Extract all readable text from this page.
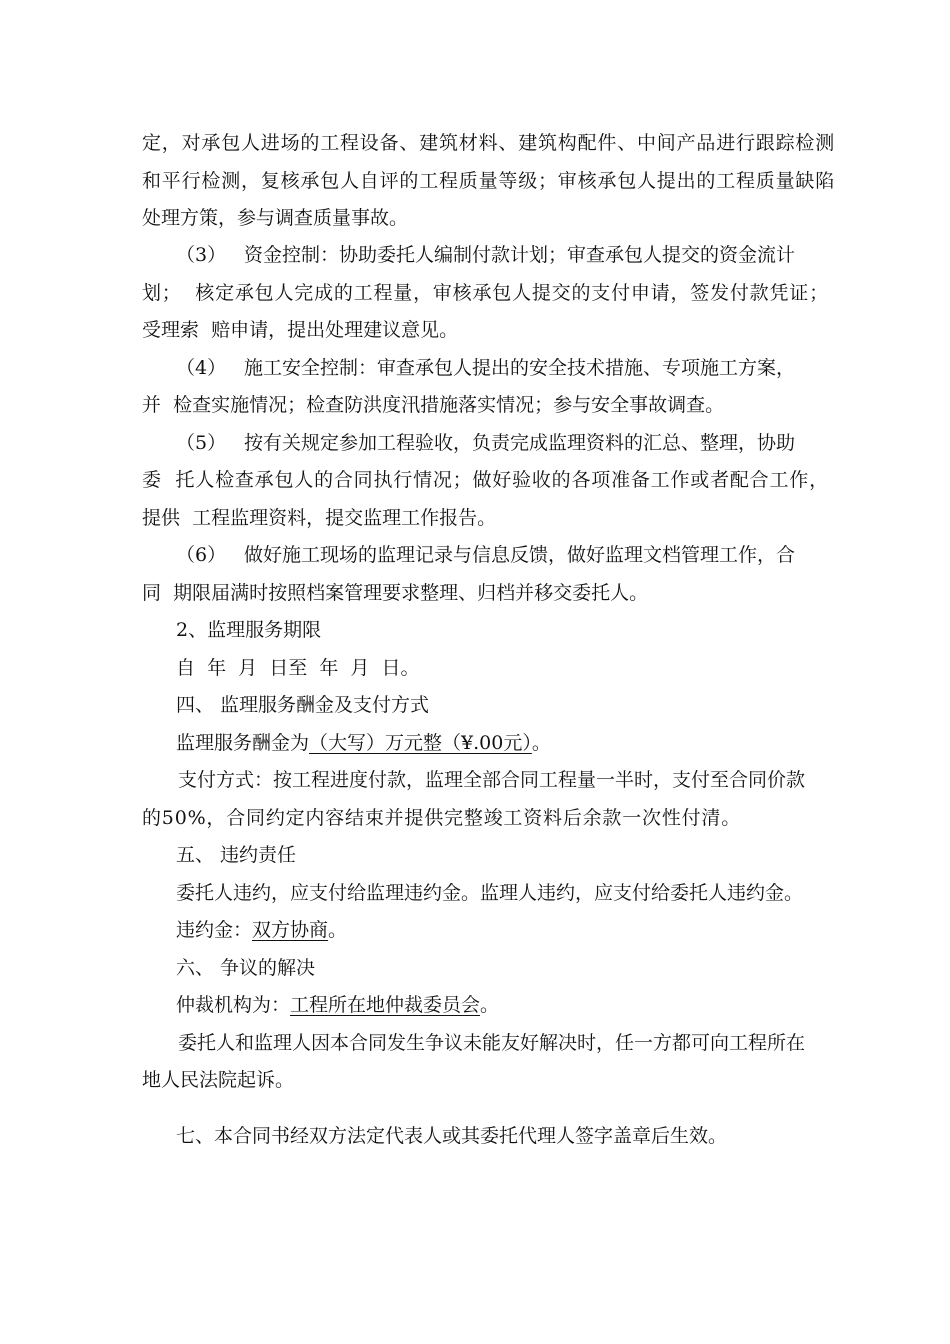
定，对承包人进场的工程设备、建筑材料、建筑构配件、中间产品进行跟踪检测
和平行检测，复核承包人自评的工程质量等级；审核承包人提出的工程质量缺陷
处理方策，参与调查质量事故。
（3） 资金控制：协助委托人编制付款计划；审查承包人提交的资金流计
划；  核定承包人完成的工程量，审核承包人提交的支付申请，签发付款凭证；
受理索  赔申请，提出处理建议意见。
（4） 施工安全控制：审查承包人提出的安全技术措施、专项施工方案，
并  检查实施情况；检查防洪度汛措施落实情况；参与安全事故调查。
（5） 按有关规定参加工程验收，负责完成监理资料的汇总、整理，协助
委  托人检查承包人的合同执行情况；做好验收的各项准备工作或者配合工作，
提供  工程监理资料，提交监理工作报告。
（6） 做好施工现场的监理记录与信息反馈，做好监理文档管理工作，合
同  期限届满时按照档案管理要求整理、归档并移交委托人。
2、监理服务期限
自  年  月  日至  年  月  日。
四、 监理服务酬金及支付方式
监理服务酬金为（大写）万元整（¥.00元）。
支付方式：按工程进度付款，监理全部合同工程量一半时，支付至合同价款
的50%，合同约定内容结束并提供完整竣工资料后余款一次性付清。
五、 违约责任
委托人违约，应支付给监理违约金。监理人违约，应支付给委托人违约金。
违约金：双方协商。
六、 争议的解决
仲裁机构为：工程所在地仲裁委员会。
委托人和监理人因本合同发生争议未能友好解决时，任一方都可向工程所在
地人民法院起诉。
七、本合同书经双方法定代表人或其委托代理人签字盖章后生效。
